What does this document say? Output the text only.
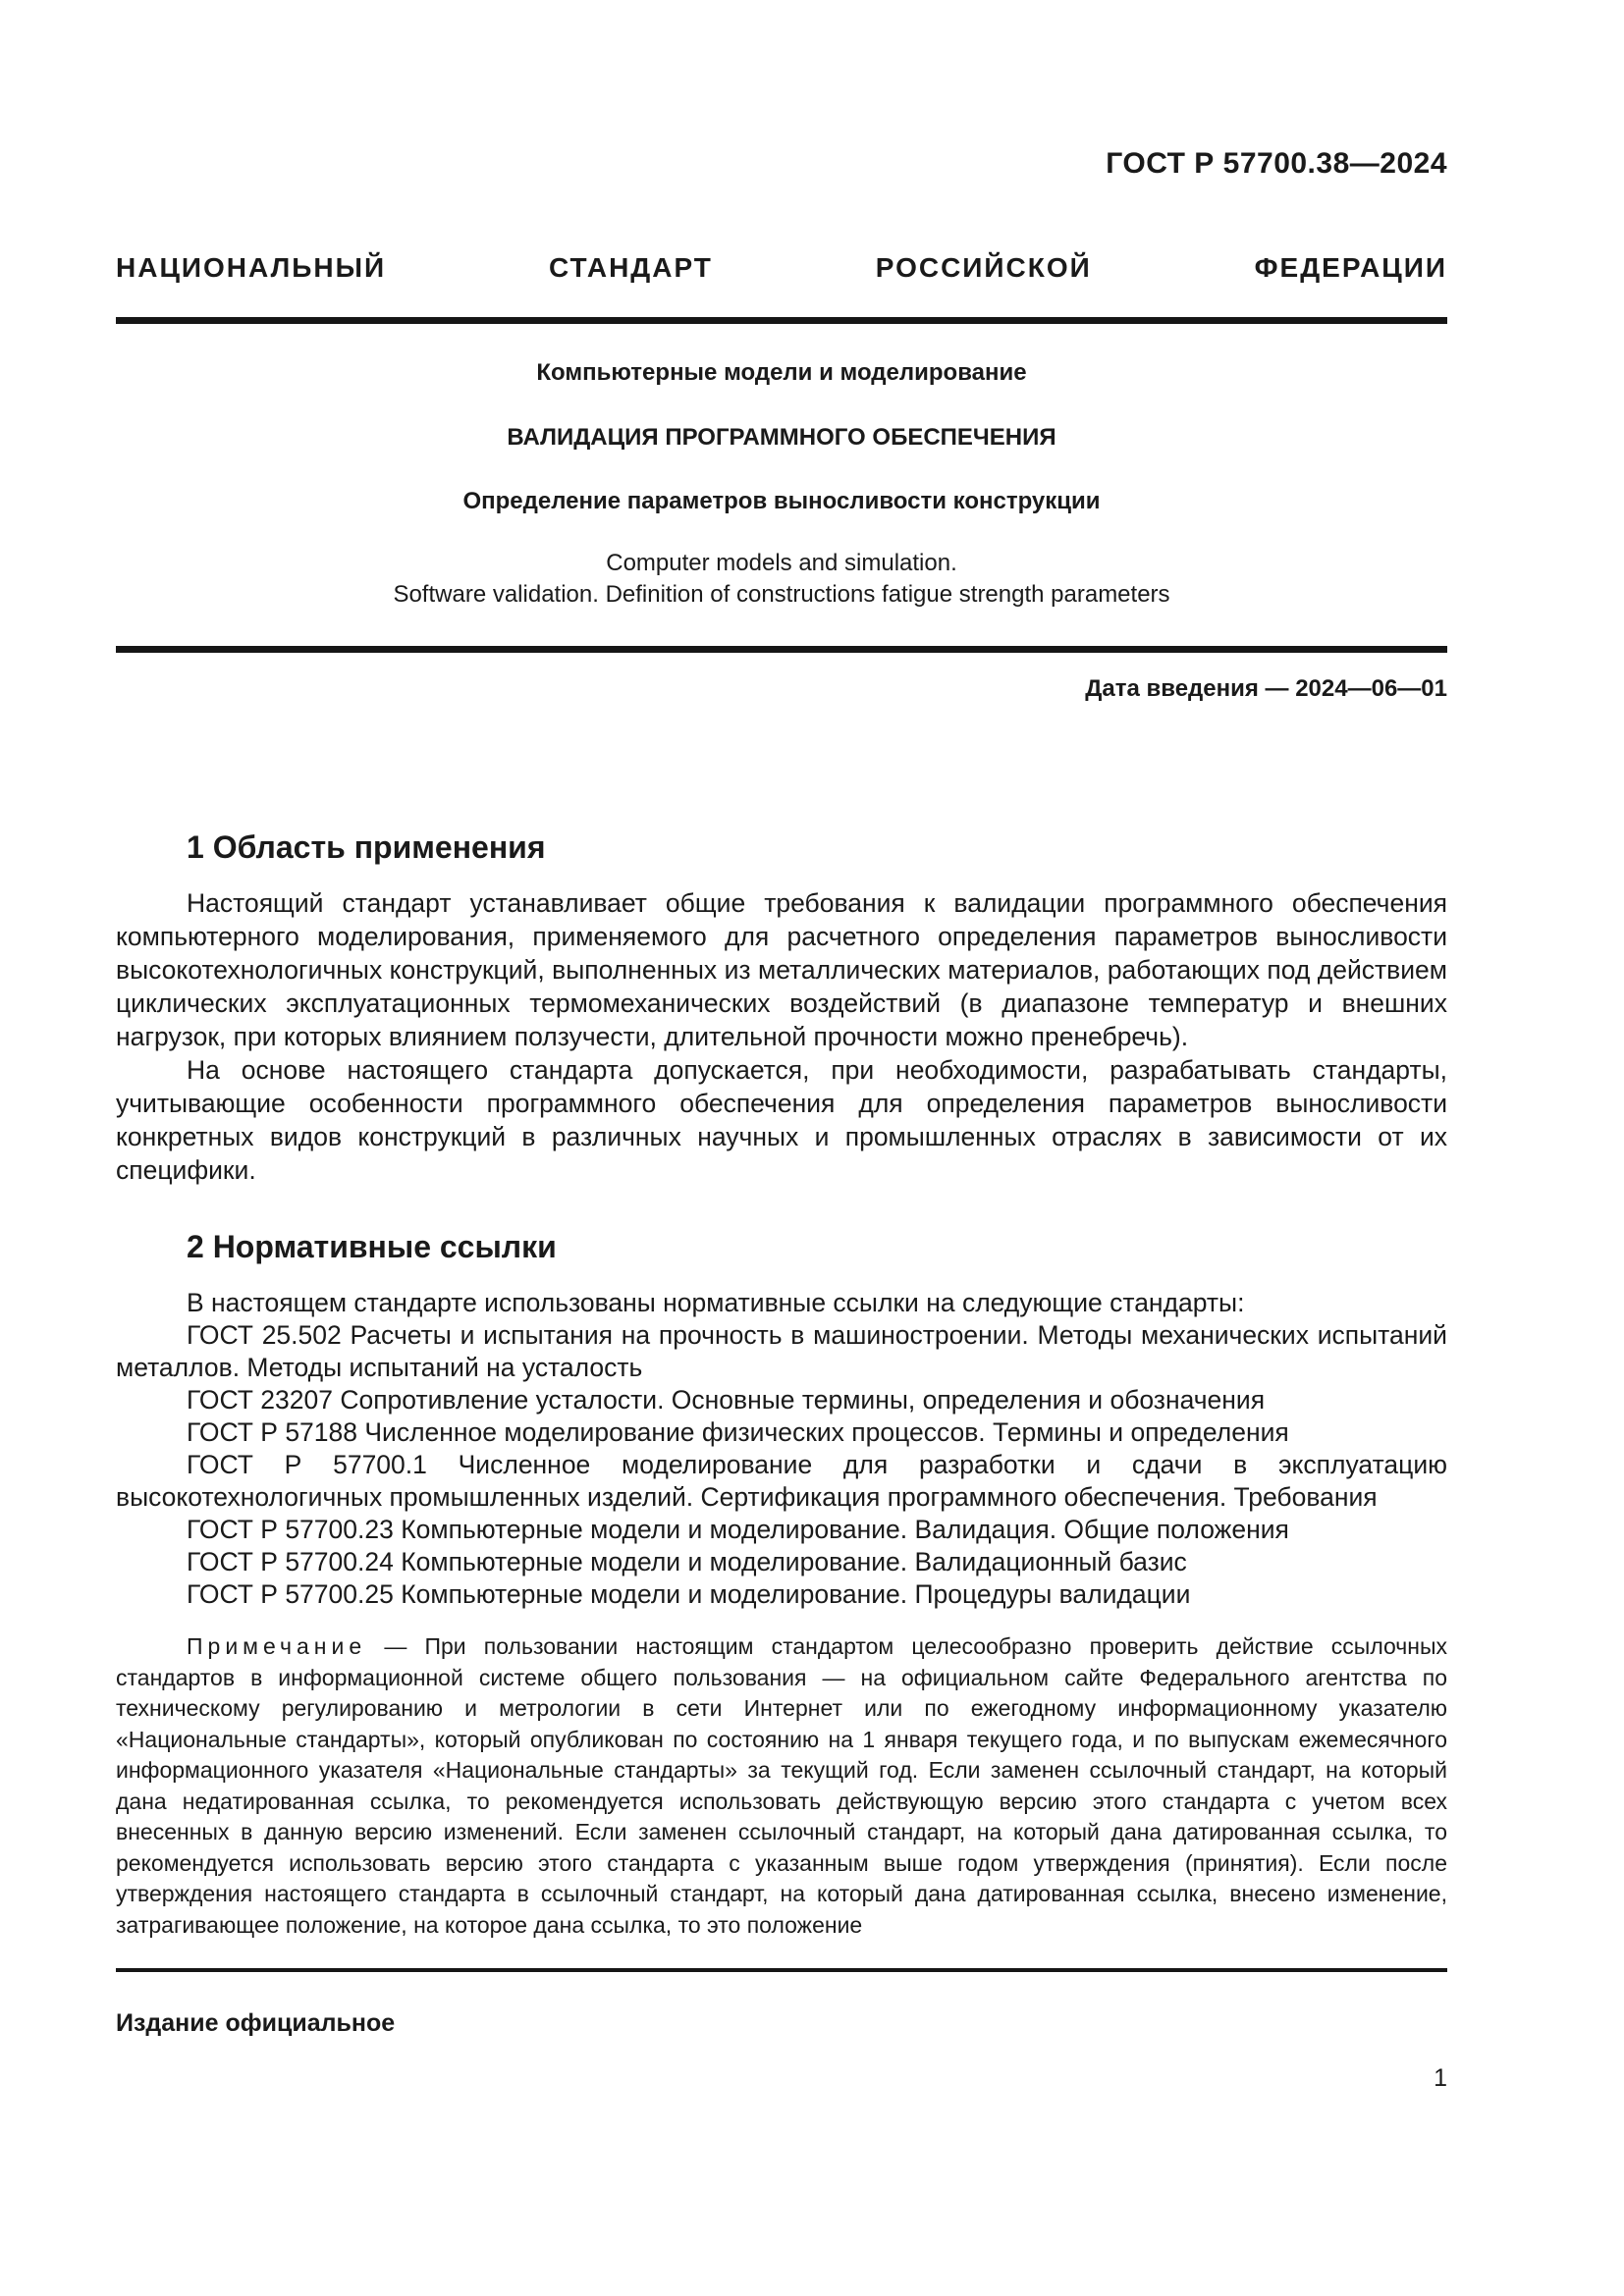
ГОСТ Р 57700.38—2024
НАЦИОНАЛЬНЫЙ СТАНДАРТ РОССИЙСКОЙ ФЕДЕРАЦИИ
Компьютерные модели и моделирование
ВАЛИДАЦИЯ ПРОГРАММНОГО ОБЕСПЕЧЕНИЯ
Определение параметров выносливости конструкции
Computer models and simulation.
Software validation. Definition of constructions fatigue strength parameters
Дата введения — 2024—06—01
1 Область применения

Настоящий стандарт устанавливает общие требования к валидации программного обеспечения компьютерного моделирования, применяемого для расчетного определения параметров выносливости высокотехнологичных конструкций, выполненных из металлических материалов, работающих под действием циклических эксплуатационных термомеханических воздействий (в диапазоне температур и внешних нагрузок, при которых влиянием ползучести, длительной прочности можно пренебречь).

На основе настоящего стандарта допускается, при необходимости, разрабатывать стандарты, учитывающие особенности программного обеспечения для определения параметров выносливости конкретных видов конструкций в различных научных и промышленных отраслях в зависимости от их специфики.

2 Нормативные ссылки

В настоящем стандарте использованы нормативные ссылки на следующие стандарты:

ГОСТ 25.502 Расчеты и испытания на прочность в машиностроении. Методы механических испытаний металлов. Методы испытаний на усталость

ГОСТ 23207 Сопротивление усталости. Основные термины, определения и обозначения

ГОСТ Р 57188 Численное моделирование физических процессов. Термины и определения

ГОСТ Р 57700.1 Численное моделирование для разработки и сдачи в эксплуатацию высокотехнологичных промышленных изделий. Сертификация программного обеспечения. Требования

ГОСТ Р 57700.23 Компьютерные модели и моделирование. Валидация. Общие положения

ГОСТ Р 57700.24 Компьютерные модели и моделирование. Валидационный базис

ГОСТ Р 57700.25 Компьютерные модели и моделирование. Процедуры валидации

Примечание — При пользовании настоящим стандартом целесообразно проверить действие ссылочных стандартов в информационной системе общего пользования — на официальном сайте Федерального агентства по техническому регулированию и метрологии в сети Интернет или по ежегодному информационному указателю «Национальные стандарты», который опубликован по состоянию на 1 января текущего года, и по выпускам ежемесячного информационного указателя «Национальные стандарты» за текущий год. Если заменен ссылочный стандарт, на который дана недатированная ссылка, то рекомендуется использовать действующую версию этого стандарта с учетом всех внесенных в данную версию изменений. Если заменен ссылочный стандарт, на который дана датированная ссылка, то рекомендуется использовать версию этого стандарта с указанным выше годом утверждения (принятия). Если после утверждения настоящего стандарта в ссылочный стандарт, на который дана датированная ссылка, внесено изменение, затрагивающее положение, на которое дана ссылка, то это положение

Издание официальное
1
